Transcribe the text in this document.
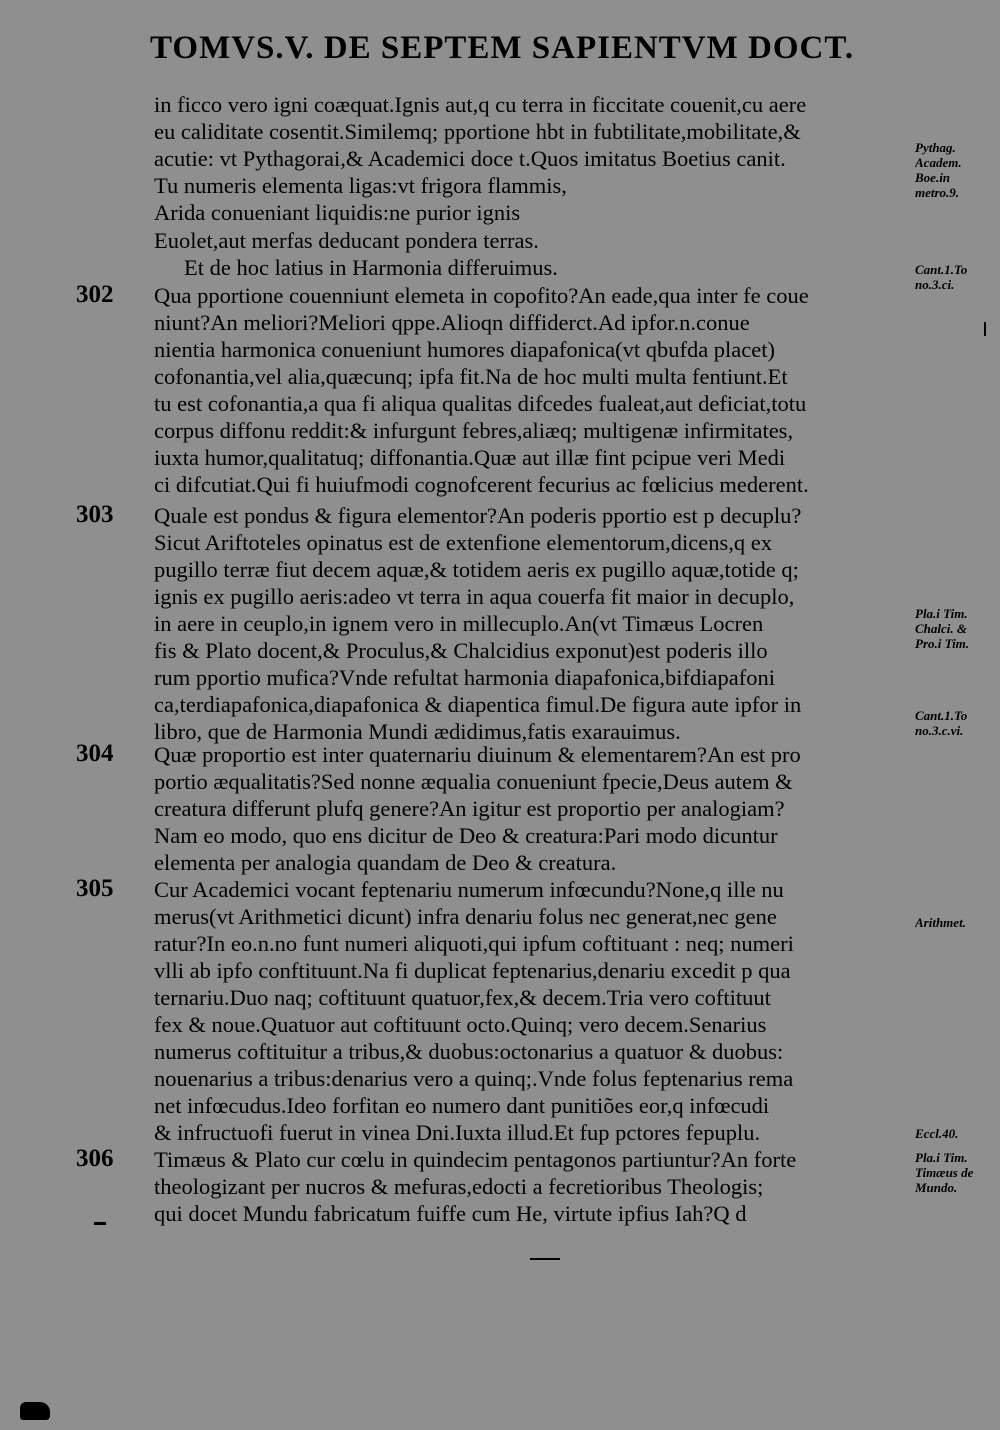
TOMVS.V. DE SEPTEM SAPIENTVM DOCT.
in ficco vero igni coæquat.Ignis aut,q cu terra in ficcitate couenit,cu aere
eu caliditate cosentit.Similemq; pportione hbt in fubtilitate,mobilitate,&
acutie: vt Pythagorai,& Academici doce t.Quos imitatus Boetius canit.
Tu numeris elementa ligas:vt frigora flammis,
Arida conueniant liquidis:ne purior ignis
Euolet,aut merfas deducant pondera terras.
Et de hoc latius in Harmonia differuimus.
302 Qua pportione couenniunt elemeta in copofito?An eade,qua inter fe coue
niunt?An meliori?Meliori qppe.Alioqn diffiderct.Ad ipfor.n.conue
nientia harmonica conueniunt humores diapafonica(vt qbufda placet)
cofonantia,vel alia,quæcunq; ipfa fit.Na de hoc multi multa fentiunt.Et
tu est cofonantia,a qua fi aliqua qualitas difcedes fualeat,aut deficiat,totu
corpus diffonu reddit:& infurgunt febres,aliæq; multigenæ infirmitates,
iuxta humor,qualitatuq; diffonantia.Quæ aut illæ fint pcipue veri Medi
ci difcutiat.Qui fi huiufmodi cognofcerent fecurius ac fœlicius mederent.
303 Quale est pondus & figura elementor?An poderis pportio est p decuplu?
Sicut Ariftoteles opinatus est de extenfione elementorum,dicens,q ex
pugillo terræ fiut decem aquæ,& totidem aeris ex pugillo aquæ,totide q;
ignis ex pugillo aeris:adeo vt terra in aqua couerfa fit maior in decuplo,
in aere in ceuplo,in ignem vero in millecuplo.An(vt Timæus Locren
fis & Plato docent,& Proculus,& Chalcidius exponut)est poderis illo
rum pportio mufica?Vnde refultat harmonia diapafonica,bifdiapafoni
ca,terdiapafonica,diapafonica & diapentica fimul.De figura aute ipfor in
libro, que de Harmonia Mundi ædidimus,fatis exarauimus.
304 Quæ proportio est inter quaternariu diuinum & elementarem?An est pro
portio æqualitatis?Sed nonne æqualia conueniunt fpecie,Deus autem &
creatura differunt plufq genere?An igitur est proportio per analogiam?
Nam eo modo, quo ens dicitur de Deo & creatura:Pari modo dicuntur
elementa per analogia quandam de Deo & creatura.
305 Cur Academici vocant feptenariu numerum infœcundu?None,q ille nu
merus(vt Arithmetici dicunt) infra denariu folus nec generat,nec gene
ratur?In eo.n.no funt numeri aliquoti,qui ipfum coftituant : neq; numeri
vlli ab ipfo conftituunt.Na fi duplicat feptenarius,denariu excedit p qua
ternariu.Duo naq; coftituunt quatuor,fex,& decem.Tria vero coftituut
fex & noue.Quatuor aut coftituunt octo.Quinq; vero decem.Senarius
numerus coftituitur a tribus,& duobus:octonarius a quatuor & duobus:
nouenarius a tribus:denarius vero a quinq;.Vnde folus feptenarius rema
net infœcudus.Ideo forfitan eo numero dant punitiões eor,q infœcudi
& infructuofi fuerut in vinea Dni.Iuxta illud.Et fup pctores fepuplu.
306 Timæus & Plato cur cœlu in quindecim pentagonos partiuntur?An forte
theologizant per nucros & mefuras,edocti a fecretioribus Theologis;
qui docet Mundu fabricatum fuiffe cum He, virtute ipfius Iah?Q d
Pythag.
Academ.
Boe.in
metro.9.
Cant.1.To
no.3.ci.
Pla.i Tim.
Chalci. &
Pro.i Tim.
Cant.1.To
no.3.c.vi.
Arithmet.
Eccl.40.
Pla.i Tim.
Timæus de
Mundo.
